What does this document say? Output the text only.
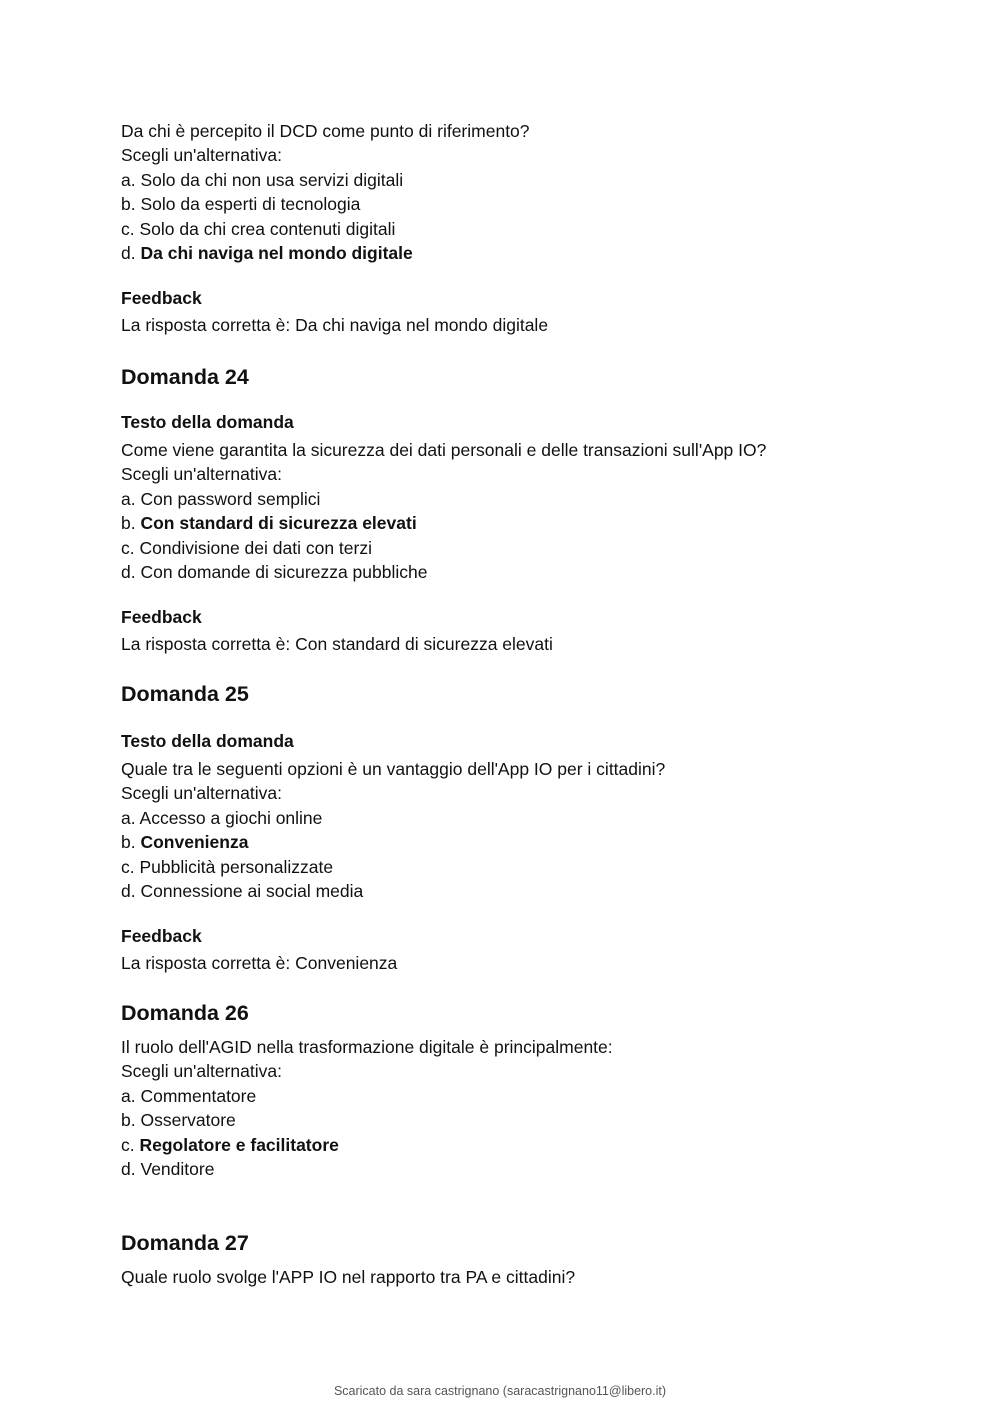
Da chi è percepito il DCD come punto di riferimento?
Scegli un'alternativa:
a. Solo da chi non usa servizi digitali
b. Solo da esperti di tecnologia
c. Solo da chi crea contenuti digitali
d. Da chi naviga nel mondo digitale
Feedback
La risposta corretta è: Da chi naviga nel mondo digitale
Domanda 24
Testo della domanda
Come viene garantita la sicurezza dei dati personali e delle transazioni sull'App IO?
Scegli un'alternativa:
a. Con password semplici
b. Con standard di sicurezza elevati
c. Condivisione dei dati con terzi
d. Con domande di sicurezza pubbliche
Feedback
La risposta corretta è: Con standard di sicurezza elevati
Domanda 25
Testo della domanda
Quale tra le seguenti opzioni è un vantaggio dell'App IO per i cittadini?
Scegli un'alternativa:
a. Accesso a giochi online
b. Convenienza
c. Pubblicità personalizzate
d. Connessione ai social media
Feedback
La risposta corretta è: Convenienza
Domanda 26
Il ruolo dell'AGID nella trasformazione digitale è principalmente:
Scegli un'alternativa:
a. Commentatore
b. Osservatore
c. Regolatore e facilitatore
d. Venditore
Domanda 27
Quale ruolo svolge l'APP IO nel rapporto tra PA e cittadini?
Scaricato da sara castrignano (saracastrignano11@libero.it)
